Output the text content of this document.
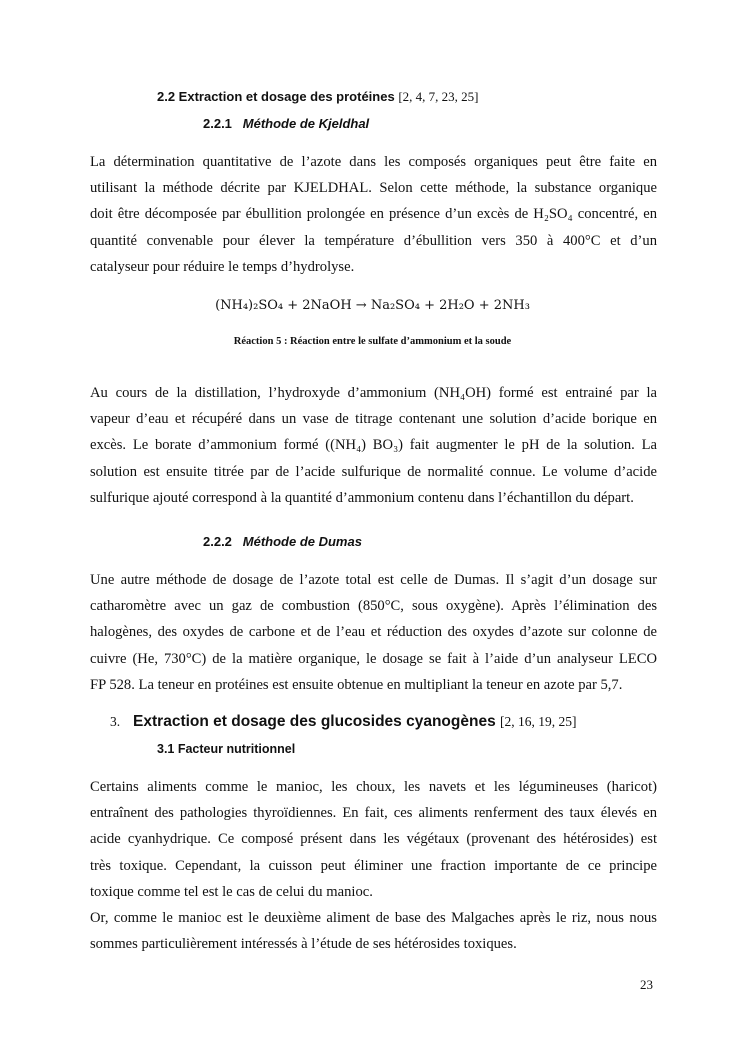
2.2 Extraction et dosage des protéines [2, 4, 7, 23, 25]
2.2.1 Méthode de Kjeldhal
La détermination quantitative de l’azote dans les composés organiques peut être faite en
utilisant la méthode décrite par KJELDHAL. Selon cette méthode, la substance organique
doit être décomposée par ébullition prolongée en présence d’un excès de H₂SO₄ concentré, en
quantité convenable pour élever la température d’ébullition vers 350 à 400°C et d’un
catalyseur pour réduire le temps d’hydrolyse.
(NH₄)₂SO₄ + 2NaOH → Na₂SO₄ + 2H₂O + 2NH₃
Réaction 5 : Réaction entre le sulfate d’ammonium et la soude
Au cours de la distillation, l’hydroxyde d’ammonium (NH₄OH) formé est entrainé par la
vapeur d’eau et récupéré dans un vase de titrage contenant une solution d’acide borique en
excès. Le borate d’ammonium formé ((NH₄) BO₃) fait augmenter le pH de la solution. La
solution est ensuite titrée par de l’acide sulfurique de normalité connue. Le volume d’acide
sulfurique ajouté correspond à la quantité d’ammonium contenu dans l’échantillon du départ.
2.2.2 Méthode de Dumas
Une autre méthode de dosage de l’azote total est celle de Dumas. Il s’agit d’un dosage sur
catharomètre avec un gaz de combustion (850°C, sous oxygène). Après l’élimination des
halogènes, des oxydes de carbone et de l’eau et réduction des oxydes d’azote sur colonne de
cuivre (He, 730°C) de la matière organique, le dosage se fait à l’aide d’un analyseur LECO
FP 528. La teneur en protéines est ensuite obtenue en multipliant la teneur en azote par 5,7.
3. Extraction et dosage des glucosides cyanogènes [2, 16, 19, 25]
3.1 Facteur nutritionnel
Certains aliments comme le manioc, les choux, les navets et les légumineuses (haricot)
entraînent des pathologies thyroïdiennes. En fait, ces aliments renferment des taux élevés en
acide cyanhydrique. Ce composé présent dans les végétaux (provenant des hétérosides) est
très toxique. Cependant, la cuisson peut éliminer une fraction importante de ce principe
toxique comme tel est le cas de celui du manioc.
Or, comme le manioc est le deuxième aliment de base des Malgaches après le riz, nous nous
sommes particulièrement intéressés à l’étude de ses hétérosides toxiques.
23
